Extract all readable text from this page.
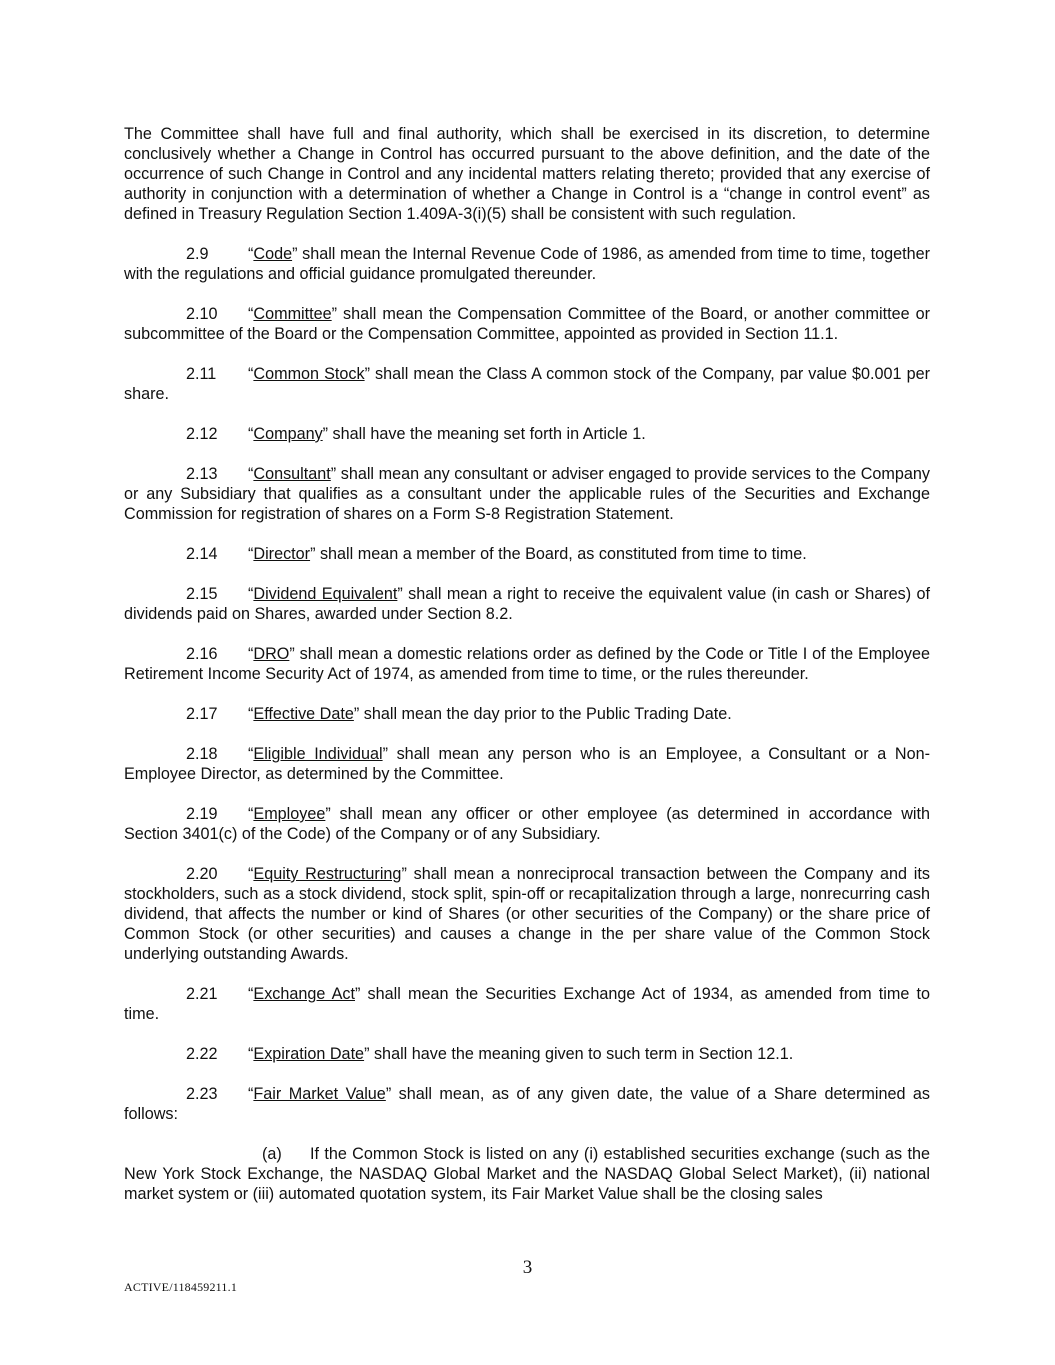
The Committee shall have full and final authority, which shall be exercised in its discretion, to determine conclusively whether a Change in Control has occurred pursuant to the above definition, and the date of the occurrence of such Change in Control and any incidental matters relating thereto; provided that any exercise of authority in conjunction with a determination of whether a Change in Control is a “change in control event” as defined in Treasury Regulation Section 1.409A-3(i)(5) shall be consistent with such regulation.

2.9 “Code” shall mean the Internal Revenue Code of 1986, as amended from time to time, together with the regulations and official guidance promulgated thereunder.

2.10 “Committee” shall mean the Compensation Committee of the Board, or another committee or subcommittee of the Board or the Compensation Committee, appointed as provided in Section 11.1.

2.11 “Common Stock” shall mean the Class A common stock of the Company, par value $0.001 per share.

2.12 “Company” shall have the meaning set forth in Article 1.

2.13 “Consultant” shall mean any consultant or adviser engaged to provide services to the Company or any Subsidiary that qualifies as a consultant under the applicable rules of the Securities and Exchange Commission for registration of shares on a Form S-8 Registration Statement.

2.14 “Director” shall mean a member of the Board, as constituted from time to time.

2.15 “Dividend Equivalent” shall mean a right to receive the equivalent value (in cash or Shares) of dividends paid on Shares, awarded under Section 8.2.

2.16 “DRO” shall mean a domestic relations order as defined by the Code or Title I of the Employee Retirement Income Security Act of 1974, as amended from time to time, or the rules thereunder.

2.17 “Effective Date” shall mean the day prior to the Public Trading Date.

2.18 “Eligible Individual” shall mean any person who is an Employee, a Consultant or a Non-Employee Director, as determined by the Committee.

2.19 “Employee” shall mean any officer or other employee (as determined in accordance with Section 3401(c) of the Code) of the Company or of any Subsidiary.

2.20 “Equity Restructuring” shall mean a nonreciprocal transaction between the Company and its stockholders, such as a stock dividend, stock split, spin-off or recapitalization through a large, nonrecurring cash dividend, that affects the number or kind of Shares (or other securities of the Company) or the share price of Common Stock (or other securities) and causes a change in the per share value of the Common Stock underlying outstanding Awards.

2.21 “Exchange Act” shall mean the Securities Exchange Act of 1934, as amended from time to time.

2.22 “Expiration Date” shall have the meaning given to such term in Section 12.1.

2.23 “Fair Market Value” shall mean, as of any given date, the value of a Share determined as follows:

(a) If the Common Stock is listed on any (i) established securities exchange (such as the New York Stock Exchange, the NASDAQ Global Market and the NASDAQ Global Select Market), (ii) national market system or (iii) automated quotation system, its Fair Market Value shall be the closing sales

3
ACTIVE/118459211.1
